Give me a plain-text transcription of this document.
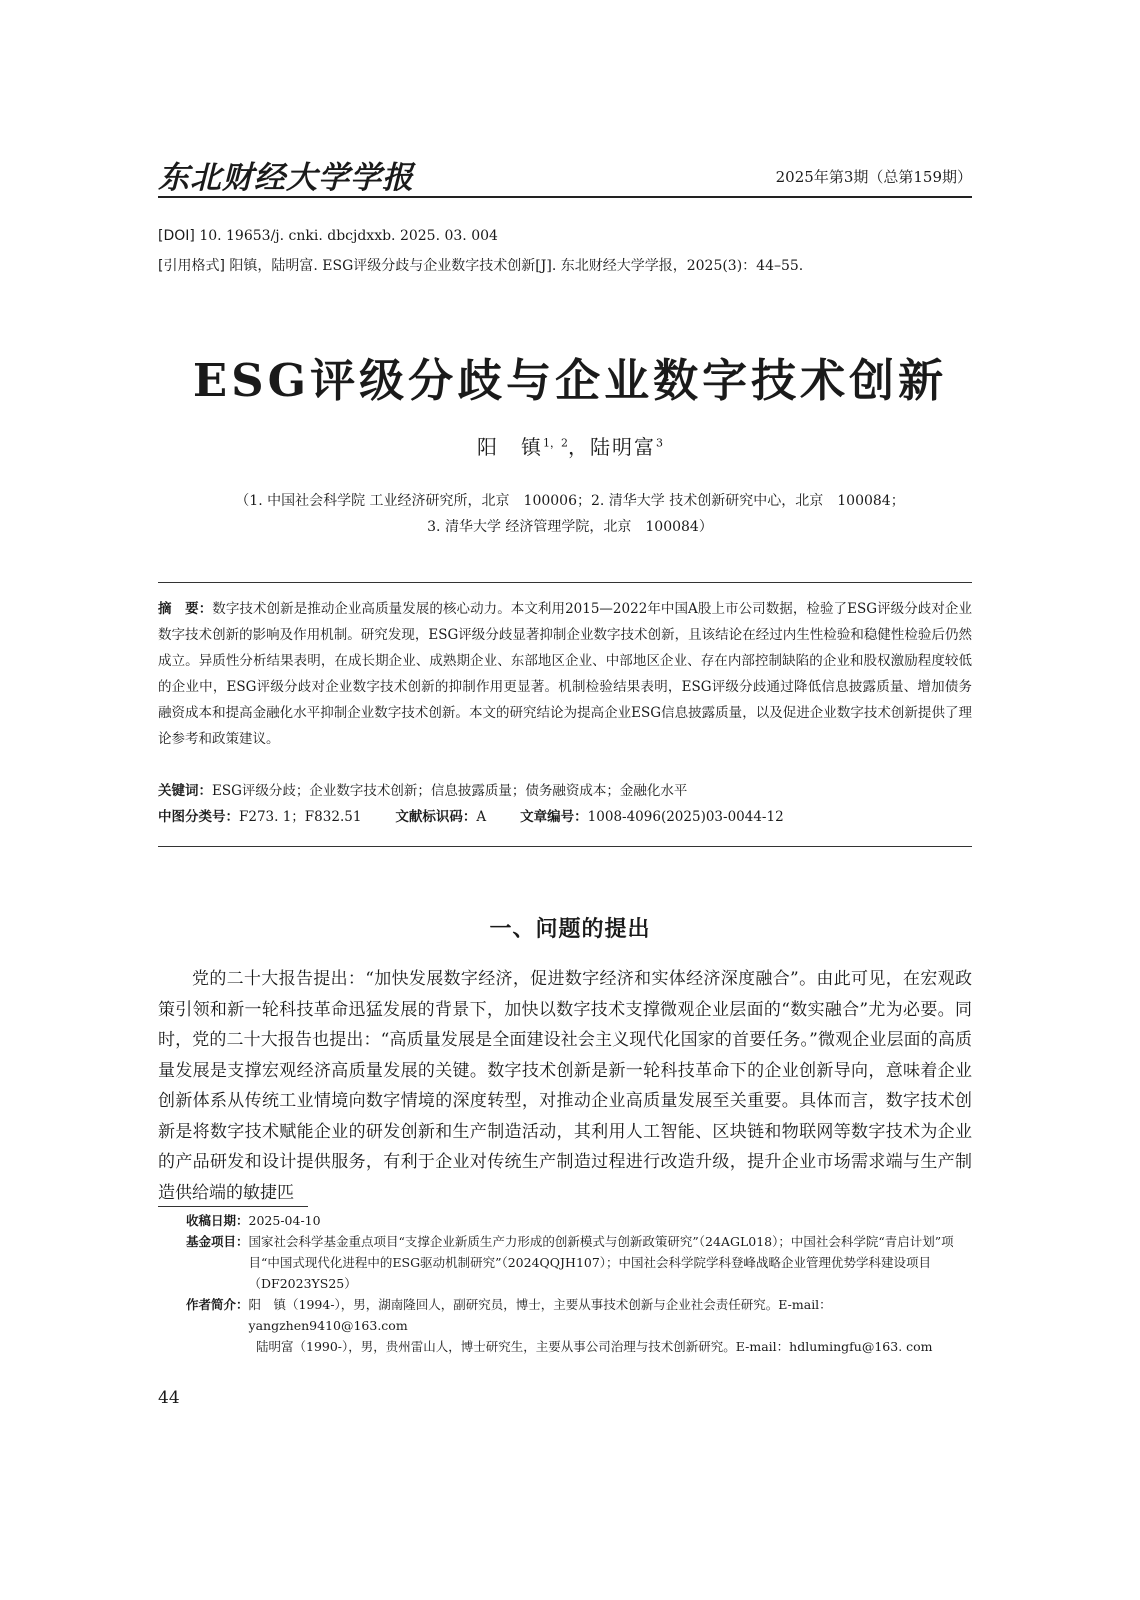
东北财经大学学报	2025年第3期（总第159期）
[DOI] 10. 19653/j. cnki. dbcjdxxb. 2025. 03. 004
[引用格式] 阳镇，陆明富. ESG评级分歧与企业数字技术创新[J]. 东北财经大学学报，2025(3)：44–55.
ESG评级分歧与企业数字技术创新
阳　镇$^{1,2}$，陆明富$^3$
（1. 中国社会科学院 工业经济研究所，北京　100006；2. 清华大学 技术创新研究中心，北京　100084；
3. 清华大学 经济管理学院，北京　100084）
摘　要：数字技术创新是推动企业高质量发展的核心动力。本文利用2015—2022年中国A股上市公司数据，检验了ESG评级分歧对企业数字技术创新的影响及作用机制。研究发现，ESG评级分歧显著抑制企业数字技术创新，且该结论在经过内生性检验和稳健性检验后仍然成立。异质性分析结果表明，在成长期企业、成熟期企业、东部地区企业、中部地区企业、存在内部控制缺陷的企业和股权激励程度较低的企业中，ESG评级分歧对企业数字技术创新的抑制作用更显著。机制检验结果表明，ESG评级分歧通过降低信息披露质量、增加债务融资成本和提高金融化水平抑制企业数字技术创新。本文的研究结论为提高企业ESG信息披露质量，以及促进企业数字技术创新提供了理论参考和政策建议。
关键词：ESG评级分歧；企业数字技术创新；信息披露质量；债务融资成本；金融化水平
中图分类号：F273. 1；F832.51	文献标识码：A	文章编号：1008-4096(2025)03-0044-12
一、问题的提出
党的二十大报告提出：“加快发展数字经济，促进数字经济和实体经济深度融合”。由此可见，在宏观政策引领和新一轮科技革命迅猛发展的背景下，加快以数字技术支撑微观企业层面的“数实融合”尤为必要。同时，党的二十大报告也提出：“高质量发展是全面建设社会主义现代化国家的首要任务。”微观企业层面的高质量发展是支撑宏观经济高质量发展的关键。数字技术创新是新一轮科技革命下的企业创新导向，意味着企业创新体系从传统工业情境向数字情境的深度转型，对推动企业高质量发展至关重要。具体而言，数字技术创新是将数字技术赋能企业的研发创新和生产制造活动，其利用人工智能、区块链和物联网等数字技术为企业的产品研发和设计提供服务，有利于企业对传统生产制造过程进行改造升级，提升企业市场需求端与生产制造供给端的敏捷匹
收稿日期： 2025-04-10
基金项目： 国家社会科学基金重点项目“支撑企业新质生产力形成的创新模式与创新政策研究”（24AGL018）；中国社会科学院“青启计划”项目“中国式现代化进程中的ESG驱动机制研究”（2024QQJH107）；中国社会科学院学科登峰战略企业管理优势学科建设项目（DF2023YS25）
作者简介： 阳　镇（1994-），男，湖南隆回人，副研究员，博士，主要从事技术创新与企业社会责任研究。E-mail：yangzhen9410@163.com
陆明富（1990-），男，贵州雷山人，博士研究生，主要从事公司治理与技术创新研究。E-mail：hdlumingfu@163. com
44
